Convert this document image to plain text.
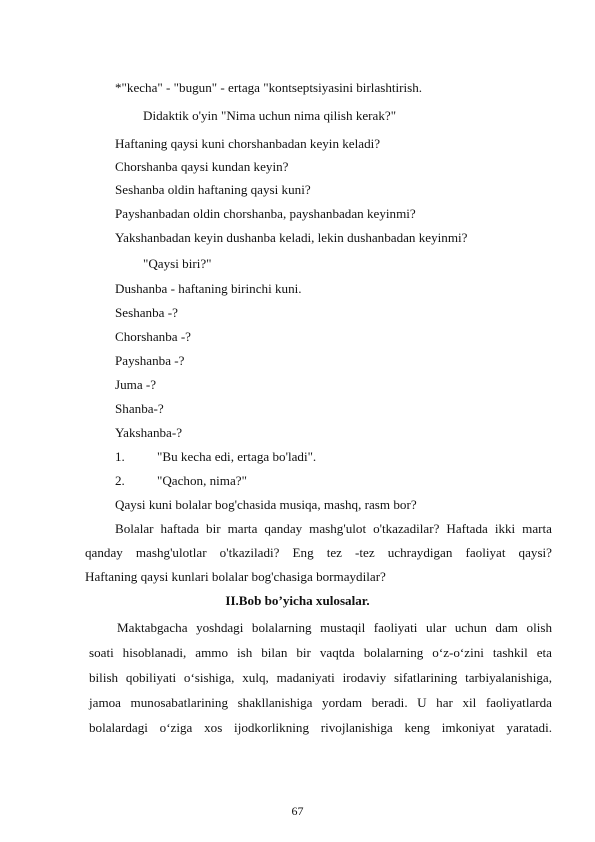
*"kecha" - "bugun" - ertaga "kontseptsiyasini birlashtirish.
Didaktik o'yin "Nima uchun nima qilish kerak?"
Haftaning qaysi kuni chorshanbadan keyin keladi?
Chorshanba qaysi kundan keyin?
Seshanba oldin haftaning qaysi kuni?
Payshanbadan oldin chorshanba, payshanbadan keyinmi?
Yakshanbadan keyin dushanba keladi, lekin dushanbadan keyinmi?
"Qaysi biri?"
Dushanba - haftaning birinchi kuni.
Seshanba -?
Chorshanba -?
Payshanba -?
Juma -?
Shanba-?
Yakshanba-?
1. "Bu kecha edi, ertaga bo'ladi".
2. "Qachon, nima?"
Qaysi kuni bolalar bog'chasida musiqa, mashq, rasm bor?
Bolalar haftada bir marta qanday mashg'ulot o'tkazadilar? Haftada ikki marta
qanday mashg'ulotlar o'tkaziladi? Eng tez -tez uchraydigan faoliyat qaysi?
Haftaning qaysi kunlari bolalar bog'chasiga bormaydilar?
II.Bob bo’yicha xulosalar.
Maktabgacha yoshdagi bolalarning mustaqil faoliyati ular uchun dam olish
soati hisoblanadi, ammo ish bilan bir vaqtda bolalarning o‘z-o‘zini tashkil eta
bilish qobiliyati o‘sishiga, xulq, madaniyati irodaviy sifatlarining tarbiyalanishiga,
jamoa munosabatlarining shakllanishiga yordam beradi. U har xil faoliyatlarda
bolalardagi o‘ziga xos ijodkorlikning rivojlanishiga keng imkoniyat yaratadi.
67
